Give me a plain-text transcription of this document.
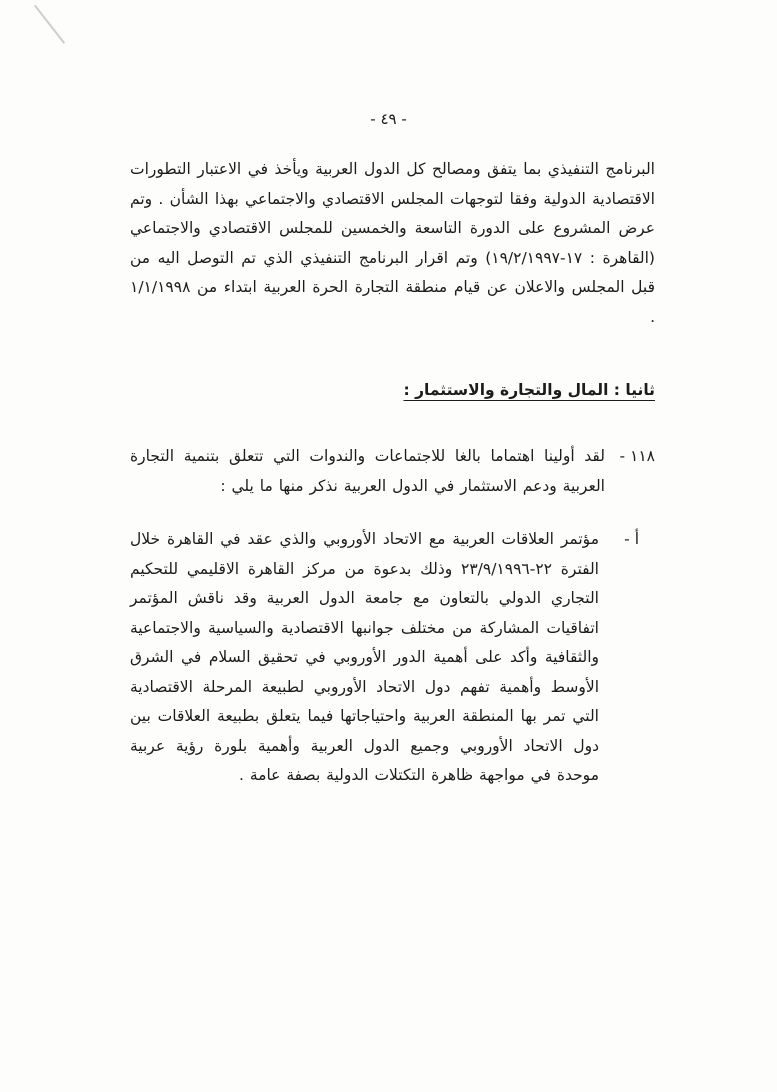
- ٤٩ -

البرنامج التنفيذي بما يتفق ومصالح كل الدول العربية ويأخذ في الاعتبار التطورات الاقتصادية الدولية وفقا لتوجهات المجلس الاقتصادي والاجتماعي بهذا الشأن . وتم عرض المشروع على الدورة التاسعة والخمسين للمجلس الاقتصادي والاجتماعي (القاهرة : ١٧-١٩/٢/١٩٩٧) وتم اقرار البرنامج التنفيذي الذي تم التوصل اليه من قبل المجلس والاعلان عن قيام منطقة التجارة الحرة العربية ابتداء من ١/١/١٩٩٨ .

ثانيا : المال والتجارة والاستثمار :
١١٨ -

لقد أولينا اهتماما بالغا للاجتماعات والندوات التي تتعلق بتنمية التجارة العربية ودعم الاستثمار في الدول العربية نذكر منها ما يلي :

أ -

مؤتمر العلاقات العربية مع الاتحاد الأوروبي والذي عقد في القاهرة خلال الفترة ٢٢-٢٣/٩/١٩٩٦ وذلك بدعوة من مركز القاهرة الاقليمي للتحكيم التجاري الدولي بالتعاون مع جامعة الدول العربية وقد ناقش المؤتمر اتفاقيات المشاركة من مختلف جوانبها الاقتصادية والسياسية والاجتماعية والثقافية وأكد على أهمية الدور الأوروبي في تحقيق السلام في الشرق الأوسط وأهمية تفهم دول الاتحاد الأوروبي لطبيعة المرحلة الاقتصادية التي تمر بها المنطقة العربية واحتياجاتها فيما يتعلق بطبيعة العلاقات بين دول الاتحاد الأوروبي وجميع الدول العربية وأهمية بلورة رؤية عربية موحدة في مواجهة ظاهرة التكتلات الدولية بصفة عامة .
